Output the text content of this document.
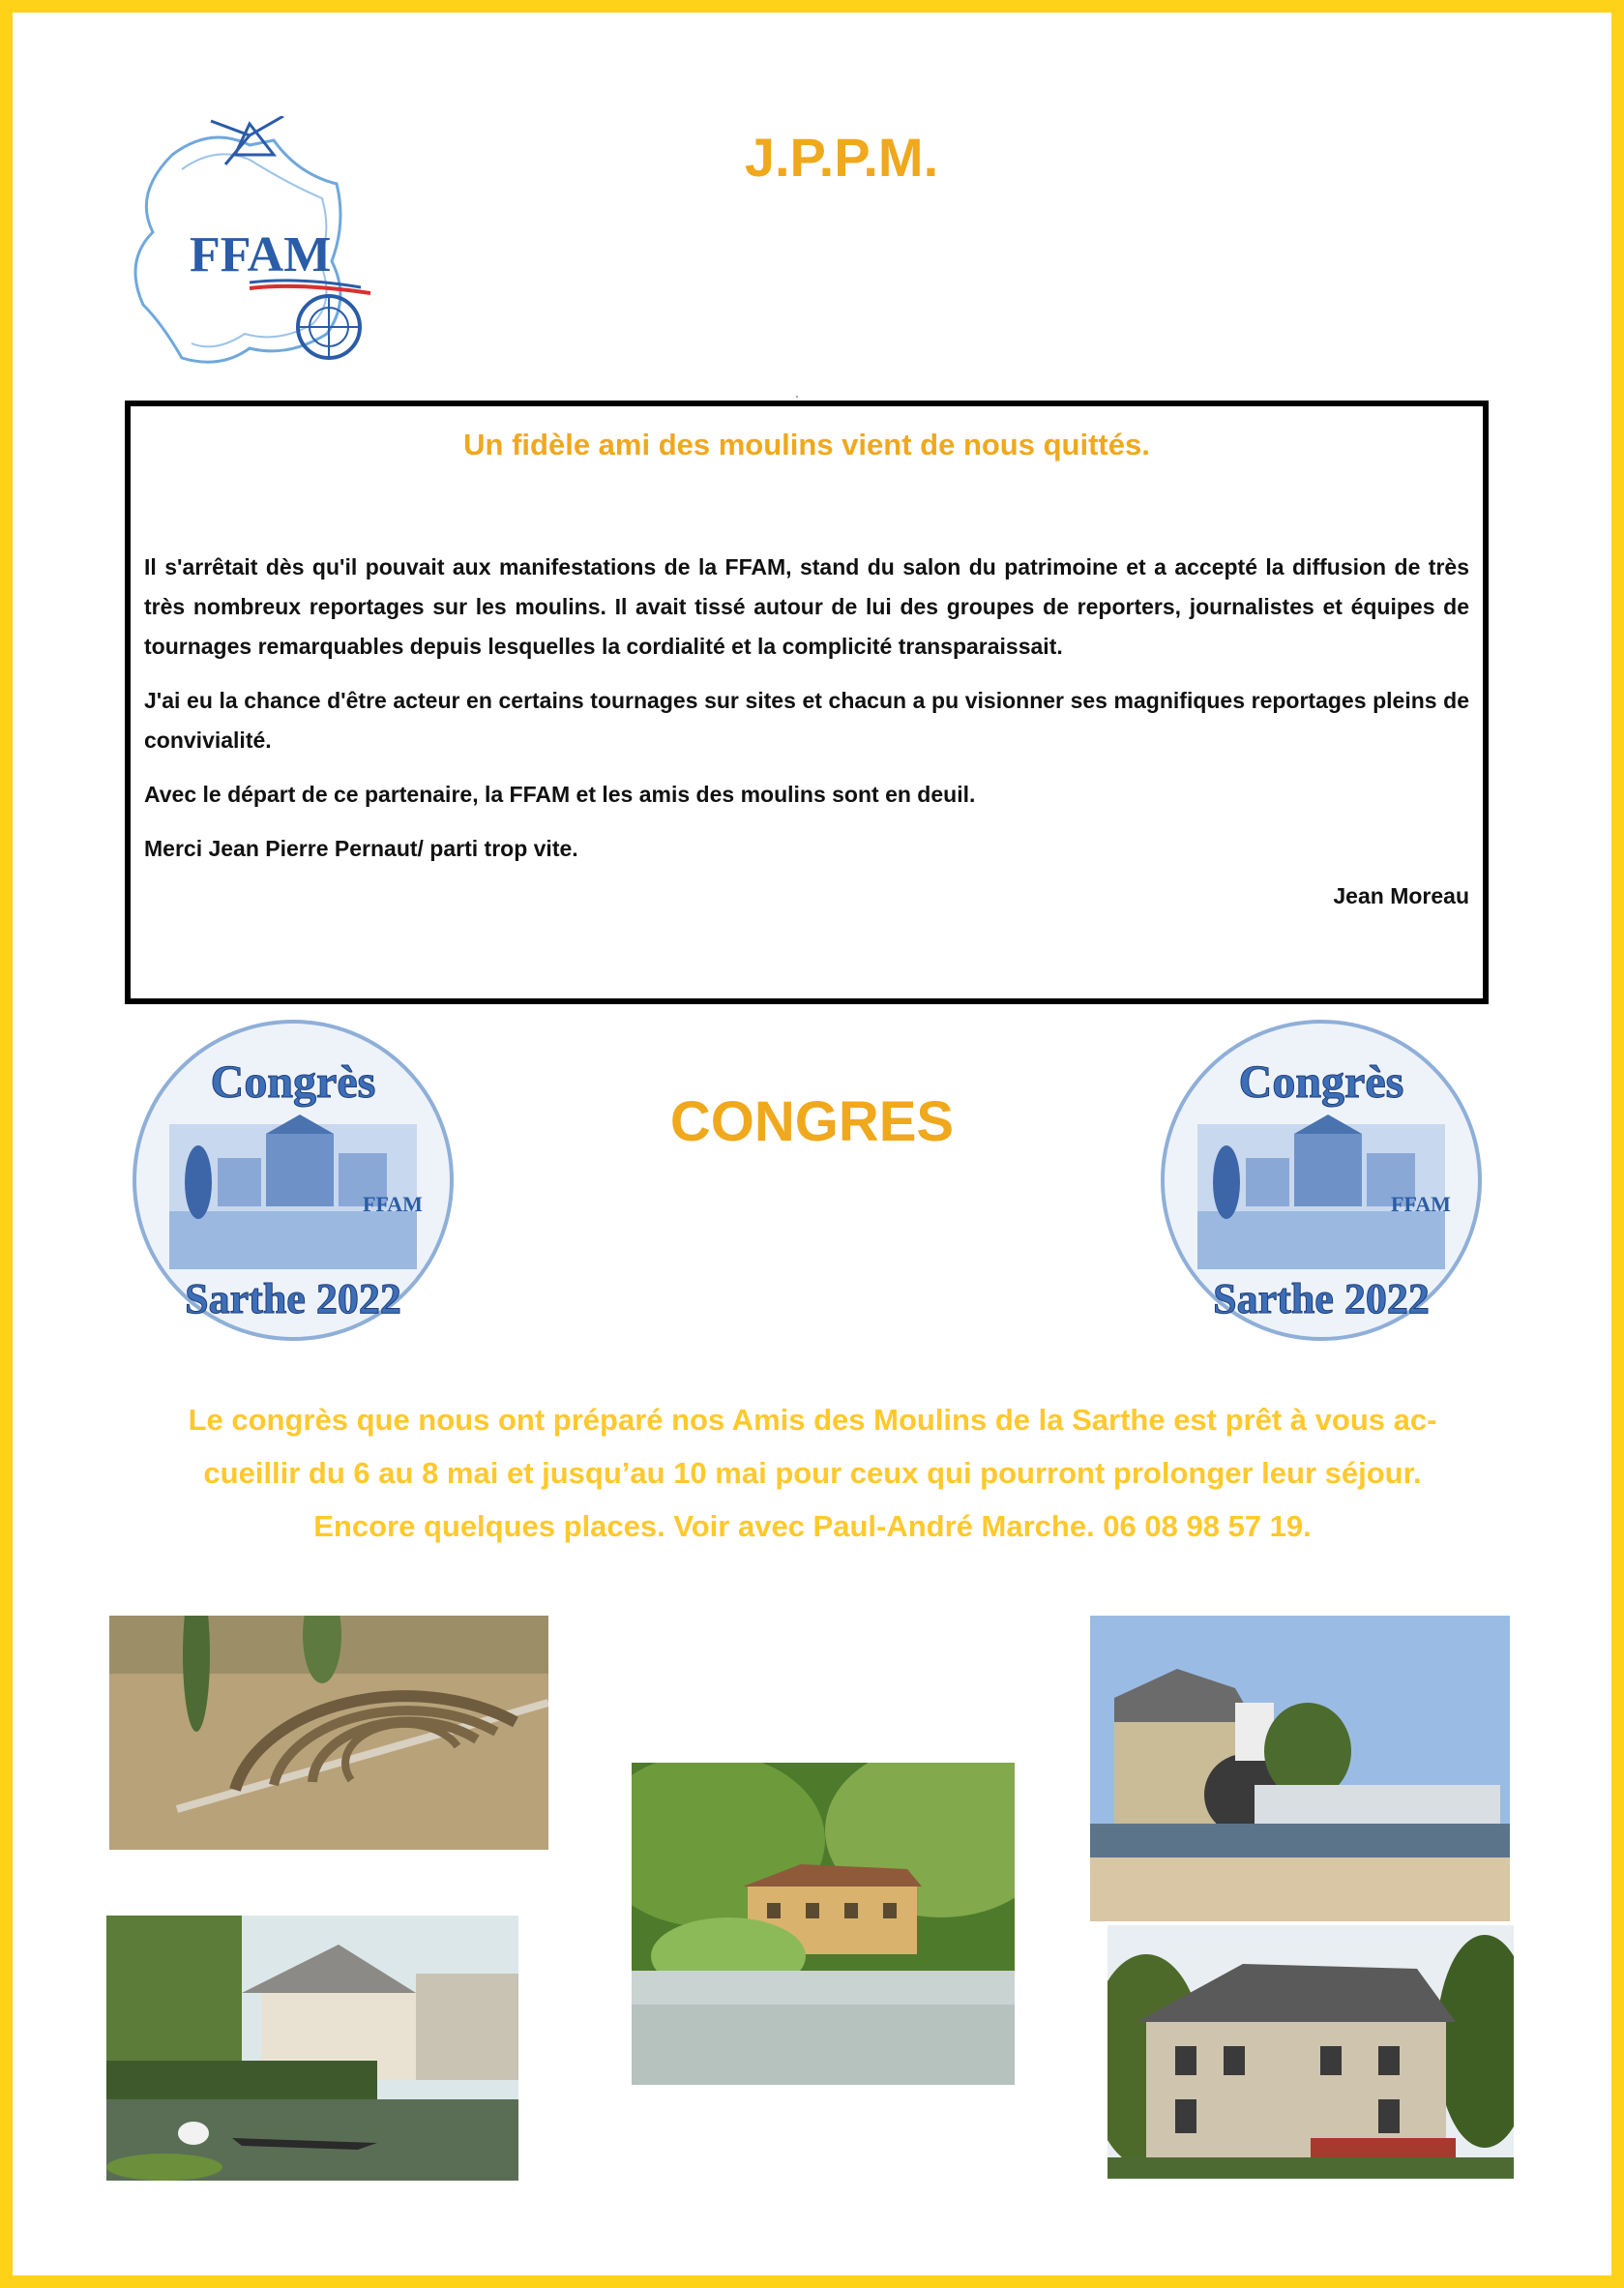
FFAM
J.P.P.M.
'

Un fidèle ami des moulins vient de nous quittés.

Il s'arrêtait dès qu'il pouvait aux manifestations de la FFAM, stand du salon du patrimoine et a accepté la diffusion de très très nombreux reportages sur les moulins. Il avait tissé autour de lui des groupes de reporters, journalistes et équipes de tournages remarquables depuis lesquelles la cordialité et la complicité transparaissait.

J'ai eu la chance d'être acteur en certains tournages sur sites et chacun a pu visionner ses magnifiques reportages pleins de convivialité.

Avec le départ de ce partenaire, la FFAM et les amis des moulins sont en deuil.

Merci Jean Pierre Pernaut/ parti trop vite.

Jean Moreau

FFAM
Congrès
Sarthe 2022
CONGRES
FFAM
Congrès
Sarthe 2022
Le congrès que nous ont préparé nos Amis des Moulins de la Sarthe est prêt à vous ac-
cueillir du 6 au 8 mai et jusqu’au 10 mai pour ceux qui pourront prolonger leur séjour.
Encore quelques places. Voir avec Paul-André Marche. 06 08 98 57 19.
